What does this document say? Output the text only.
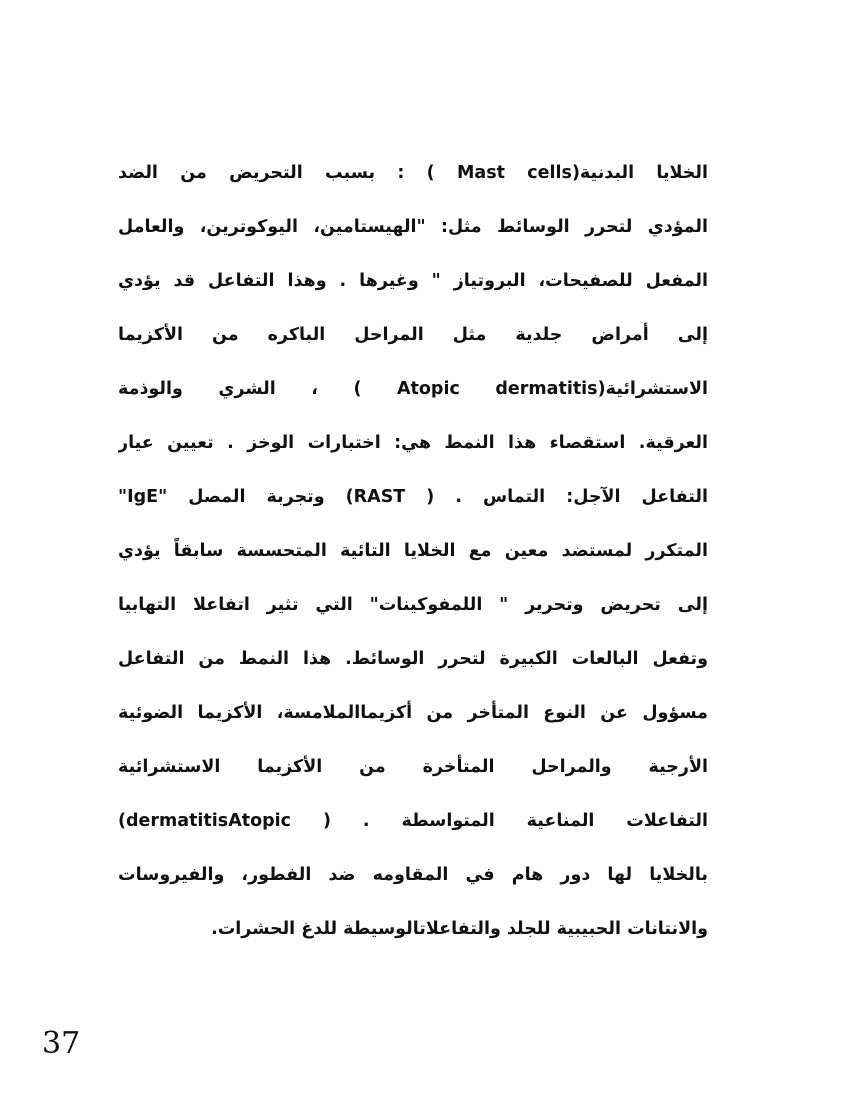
الخلايا البدنية(Mast cells ) : بسبب التحريض من الضد
المؤدي لتحرر الوسائط مثل: "الهيستامين، اليوكوترين، والعامل
المفعل للصفيحات، البروتياز " وغيرها . وهذا التفاعل قد يؤدي
إلى أمراض جلدية مثل المراحل الباكره من الأكزيما
الاستشرائية(Atopic dermatitis ) ، الشري والوذمة
العرقية. استقصاء هذا النمط هي: اختبارات الوخز . تعيين عيار
"IgE" وتجربة المصل (RAST ) . التفاعل الآجل: التماس
المتكرر لمستضد معين مع الخلايا التائية المتحسسة سابقاً يؤدي
إلى تحريض وتحرير " اللمفوكينات" التي تثير اتفاعلا التهابيا
وتفعل البالعات الكبيرة لتحرر الوسائط. هذا النمط من التفاعل
مسؤول عن النوع المتأخر من أكزيماالملامسة، الأكزيما الضوئية
الأرجية والمراحل المتأخرة من الأكزيما الاستشرائية
(dermatitisAtopic ) . التفاعلات المناعية المتواسطة
بالخلايا لها دور هام في المقاومه ضد الفطور، والفيروسات
والانتانات الحبيبية للجلد والتفاعلاتالوسيطة للدغ الحشرات.
37
